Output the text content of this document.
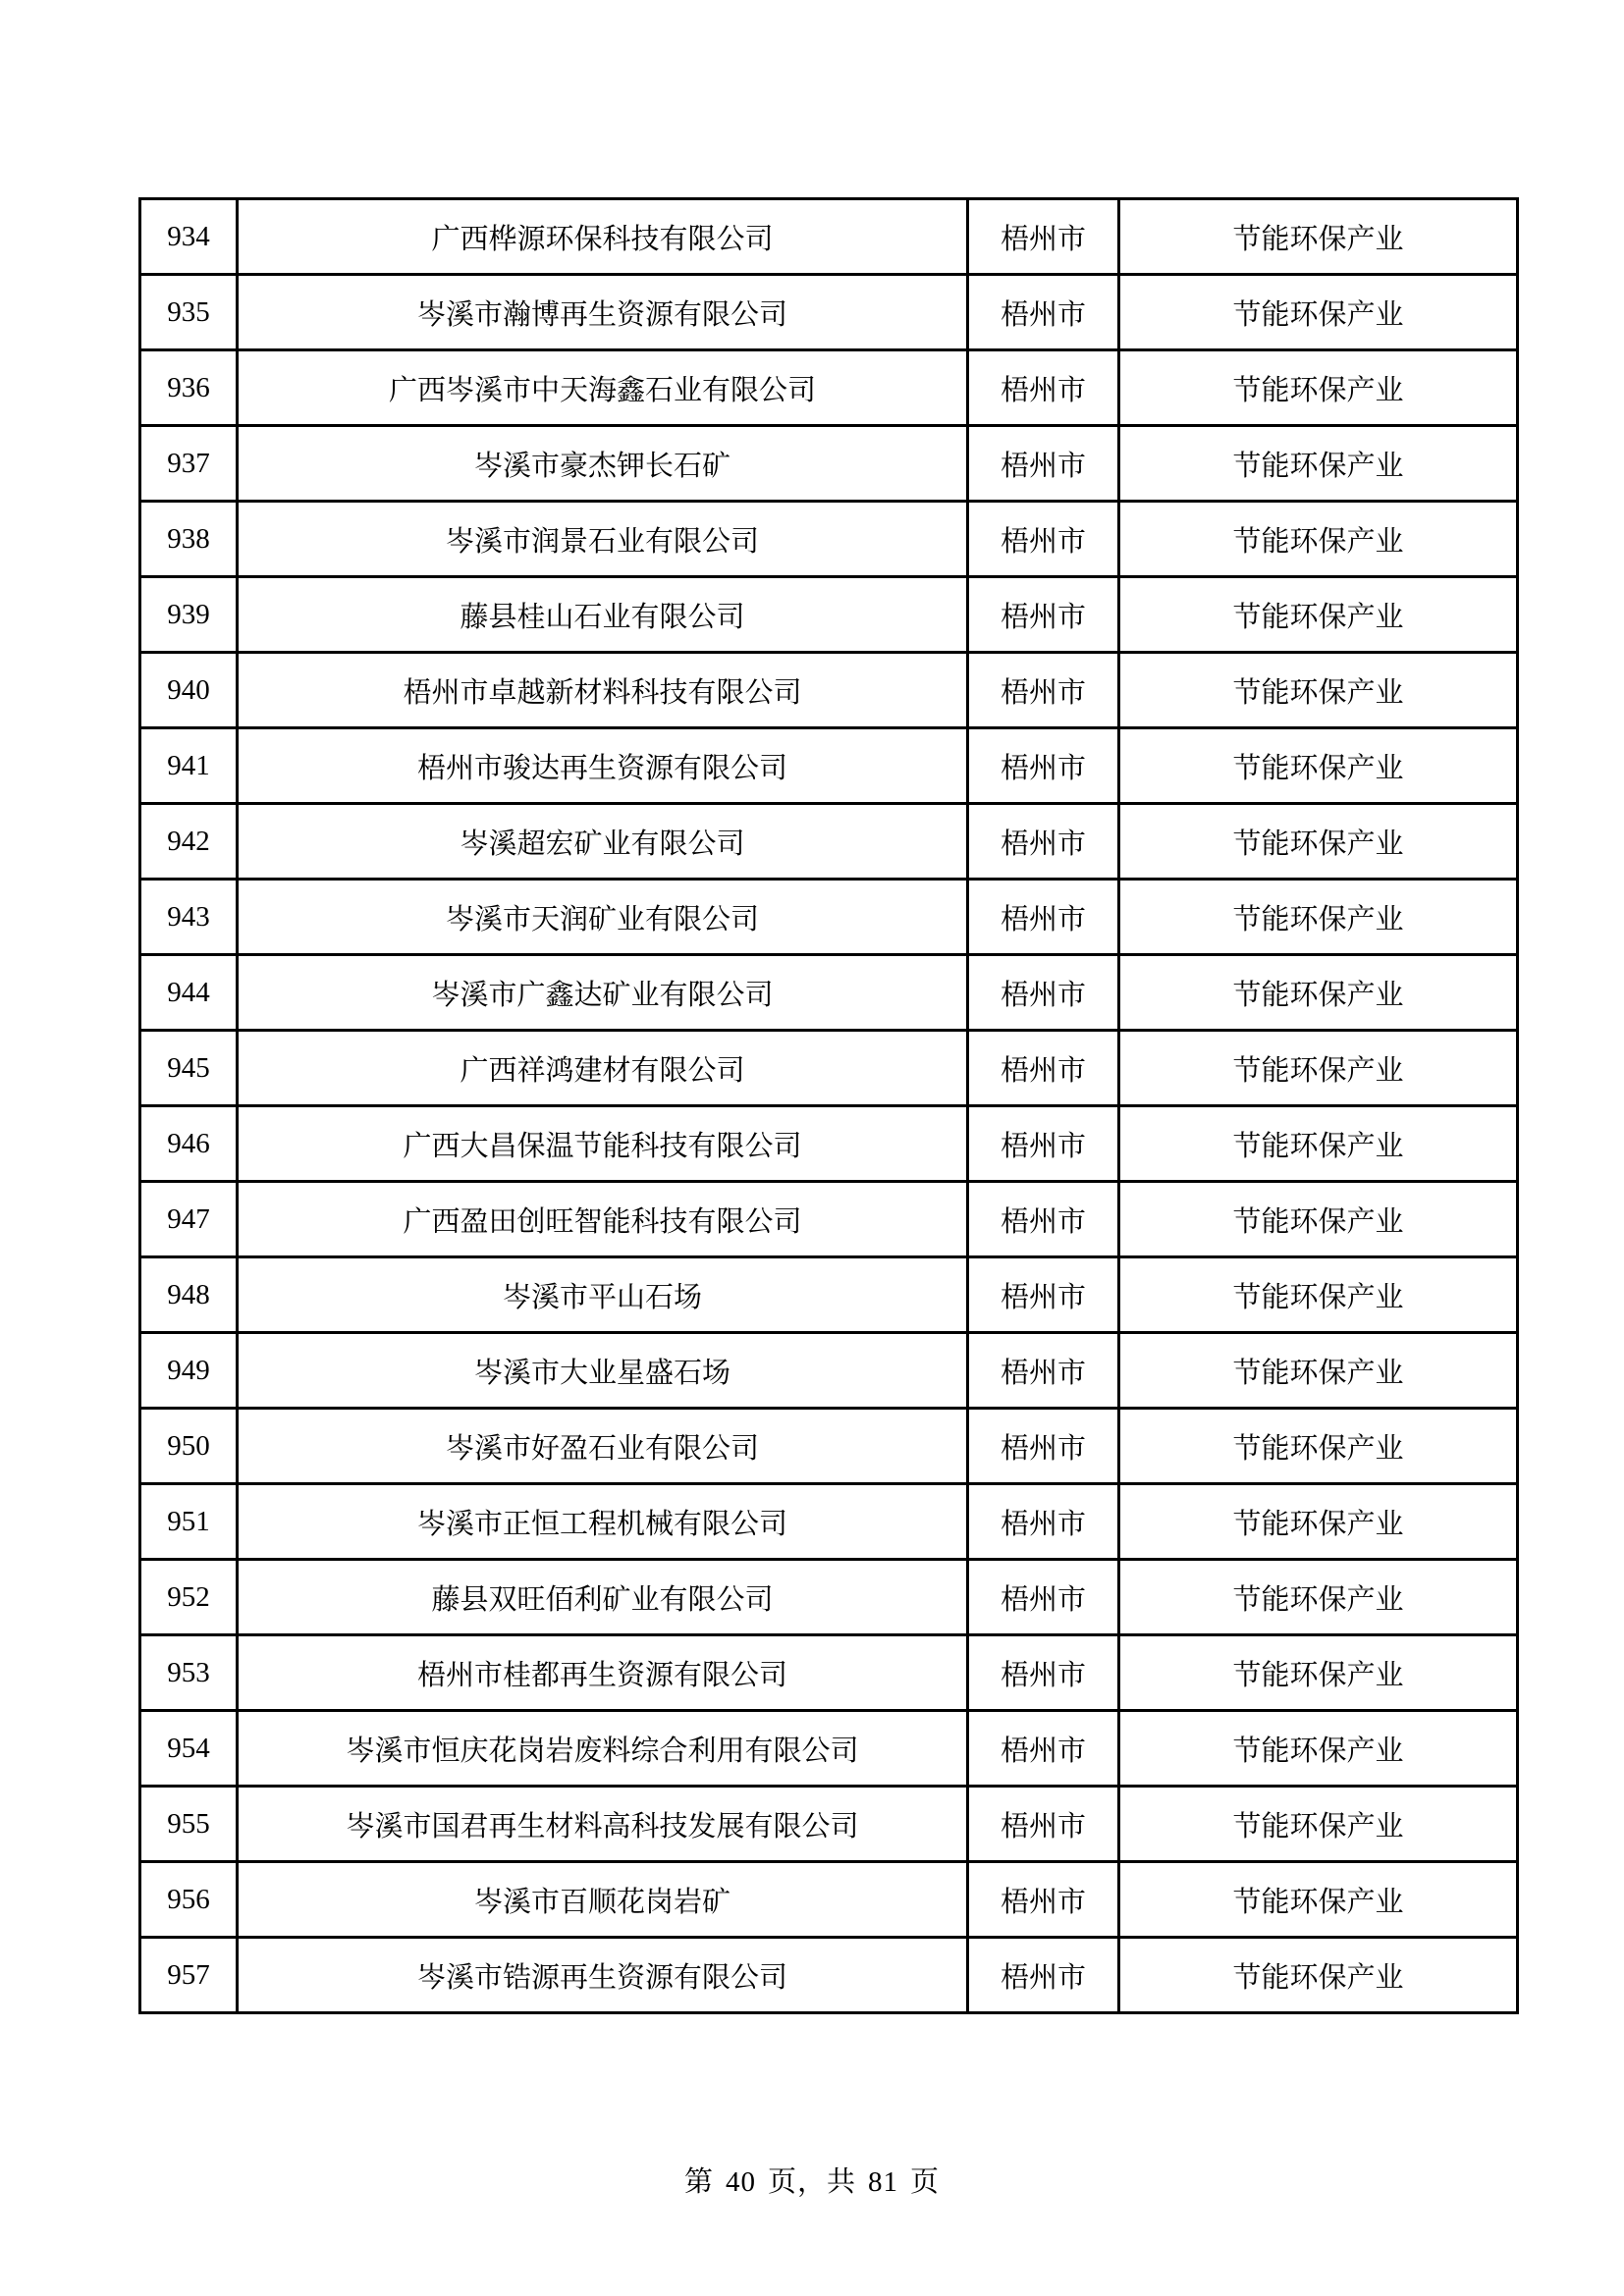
934	广西桦源环保科技有限公司	梧州市	节能环保产业
935	岑溪市瀚博再生资源有限公司	梧州市	节能环保产业
936	广西岑溪市中天海鑫石业有限公司	梧州市	节能环保产业
937	岑溪市豪杰钾长石矿	梧州市	节能环保产业
938	岑溪市润景石业有限公司	梧州市	节能环保产业
939	藤县桂山石业有限公司	梧州市	节能环保产业
940	梧州市卓越新材料科技有限公司	梧州市	节能环保产业
941	梧州市骏达再生资源有限公司	梧州市	节能环保产业
942	岑溪超宏矿业有限公司	梧州市	节能环保产业
943	岑溪市天润矿业有限公司	梧州市	节能环保产业
944	岑溪市广鑫达矿业有限公司	梧州市	节能环保产业
945	广西祥鸿建材有限公司	梧州市	节能环保产业
946	广西大昌保温节能科技有限公司	梧州市	节能环保产业
947	广西盈田创旺智能科技有限公司	梧州市	节能环保产业
948	岑溪市平山石场	梧州市	节能环保产业
949	岑溪市大业星盛石场	梧州市	节能环保产业
950	岑溪市好盈石业有限公司	梧州市	节能环保产业
951	岑溪市正恒工程机械有限公司	梧州市	节能环保产业
952	藤县双旺佰利矿业有限公司	梧州市	节能环保产业
953	梧州市桂都再生资源有限公司	梧州市	节能环保产业
954	岑溪市恒庆花岗岩废料综合利用有限公司	梧州市	节能环保产业
955	岑溪市国君再生材料高科技发展有限公司	梧州市	节能环保产业
956	岑溪市百顺花岗岩矿	梧州市	节能环保产业
957	岑溪市锆源再生资源有限公司	梧州市	节能环保产业
第 40 页，共 81 页
